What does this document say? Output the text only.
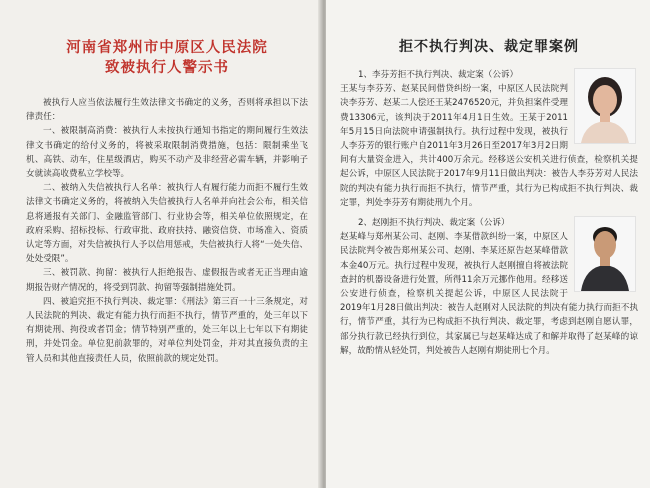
河南省郑州市中原区人民法院
致被执行人警示书

被执行人应当依法履行生效法律文书确定的义务，否则将承担以下法律责任：

一、被限制高消费：被执行人未按执行通知书指定的期间履行生效法律文书确定的给付义务的，将被采取限制消费措施，包括：限制乘坐飞机、高铁、动车，住星级酒店，购买不动产及非经营必需车辆，并影响子女就读高收费私立学校等。

二、被纳入失信被执行人名单：被执行人有履行能力而拒不履行生效法律文书确定义务的，将被纳入失信被执行人名单并向社会公布，相关信息将通报有关部门、金融监管部门、行业协会等，相关单位依照规定，在政府采购、招标投标、行政审批、政府扶持、融资信贷、市场准入、资质认定等方面，对失信被执行人予以信用惩戒，失信被执行人将“一处失信、处处受限”。

三、被罚款、拘留：被执行人拒绝报告、虚假报告或者无正当理由逾期报告财产情况的，将受到罚款、拘留等强制措施处罚。

四、被追究拒不执行判决、裁定罪：《刑法》第三百一十三条规定，对人民法院的判决、裁定有能力执行而拒不执行，情节严重的，处三年以下有期徒刑、拘役或者罚金；情节特别严重的，处三年以上七年以下有期徒刑，并处罚金。单位犯前款罪的，对单位判处罚金，并对其直接负责的主管人员和其他直接责任人员，依照前款的规定处罚。

拒不执行判决、裁定罪案例

1、李芬芳拒不执行判决、裁定案（公诉）

王某与李芬芳、赵某民间借贷纠纷一案，中原区人民法院判决李芬芳、赵某二人偿还王某2476520元，并负担案件受理费13306元，该判决于2011年4月1日生效。王某于2011年5月15日向法院申请强制执行。执行过程中发现，被执行人李芬芳的银行账户自2011年3月26日至2017年3月2日期间有大量资金进入，共计400万余元。经移送公安机关进行侦查，检察机关提起公诉，中原区人民法院于2017年9月11日做出判决：被告人李芬芳对人民法院的判决有能力执行而拒不执行，情节严重，其行为已构成拒不执行判决、裁定罪，判处李芬芳有期徒刑九个月。

2、赵刚拒不执行判决、裁定案（公诉）

赵某峰与郑州某公司、赵刚、李某借款纠纷一案，中原区人民法院判令被告郑州某公司、赵刚、李某还原告赵某峰借款本金40万元。执行过程中发现，被执行人赵刚擅自将被法院查封的机器设备进行处置，所得11余万元挪作他用。经移送公安进行侦查，检察机关提起公诉，中原区人民法院于2019年1月28日做出判决：被告人赵刚对人民法院的判决有能力执行而拒不执行，情节严重，其行为已构成拒不执行判决、裁定罪，考虑到赵刚自愿认罪，部分执行款已经执行到位，其家属已与赵某峰达成了和解并取得了赵某峰的谅解，故酌情从轻处罚，判处被告人赵刚有期徒刑七个月。
